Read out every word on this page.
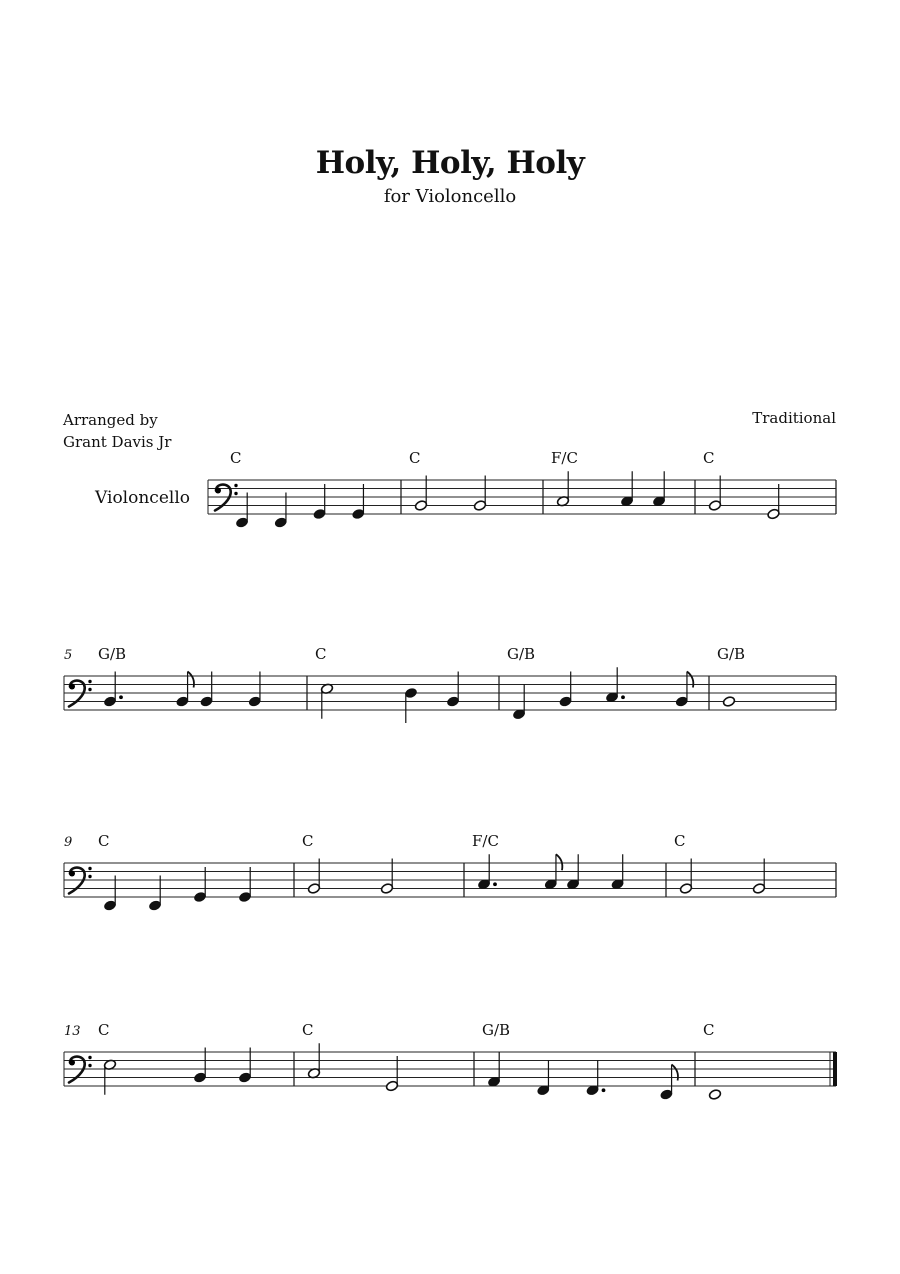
Holy, Holy, Holy
for Violoncello
Arranged by
Grant Davis Jr
Traditional
Violoncello
C	C	F/C	C
5 G/B	C	G/B	G/B
9 C	C	F/C	C
13 C	C	G/B	C
